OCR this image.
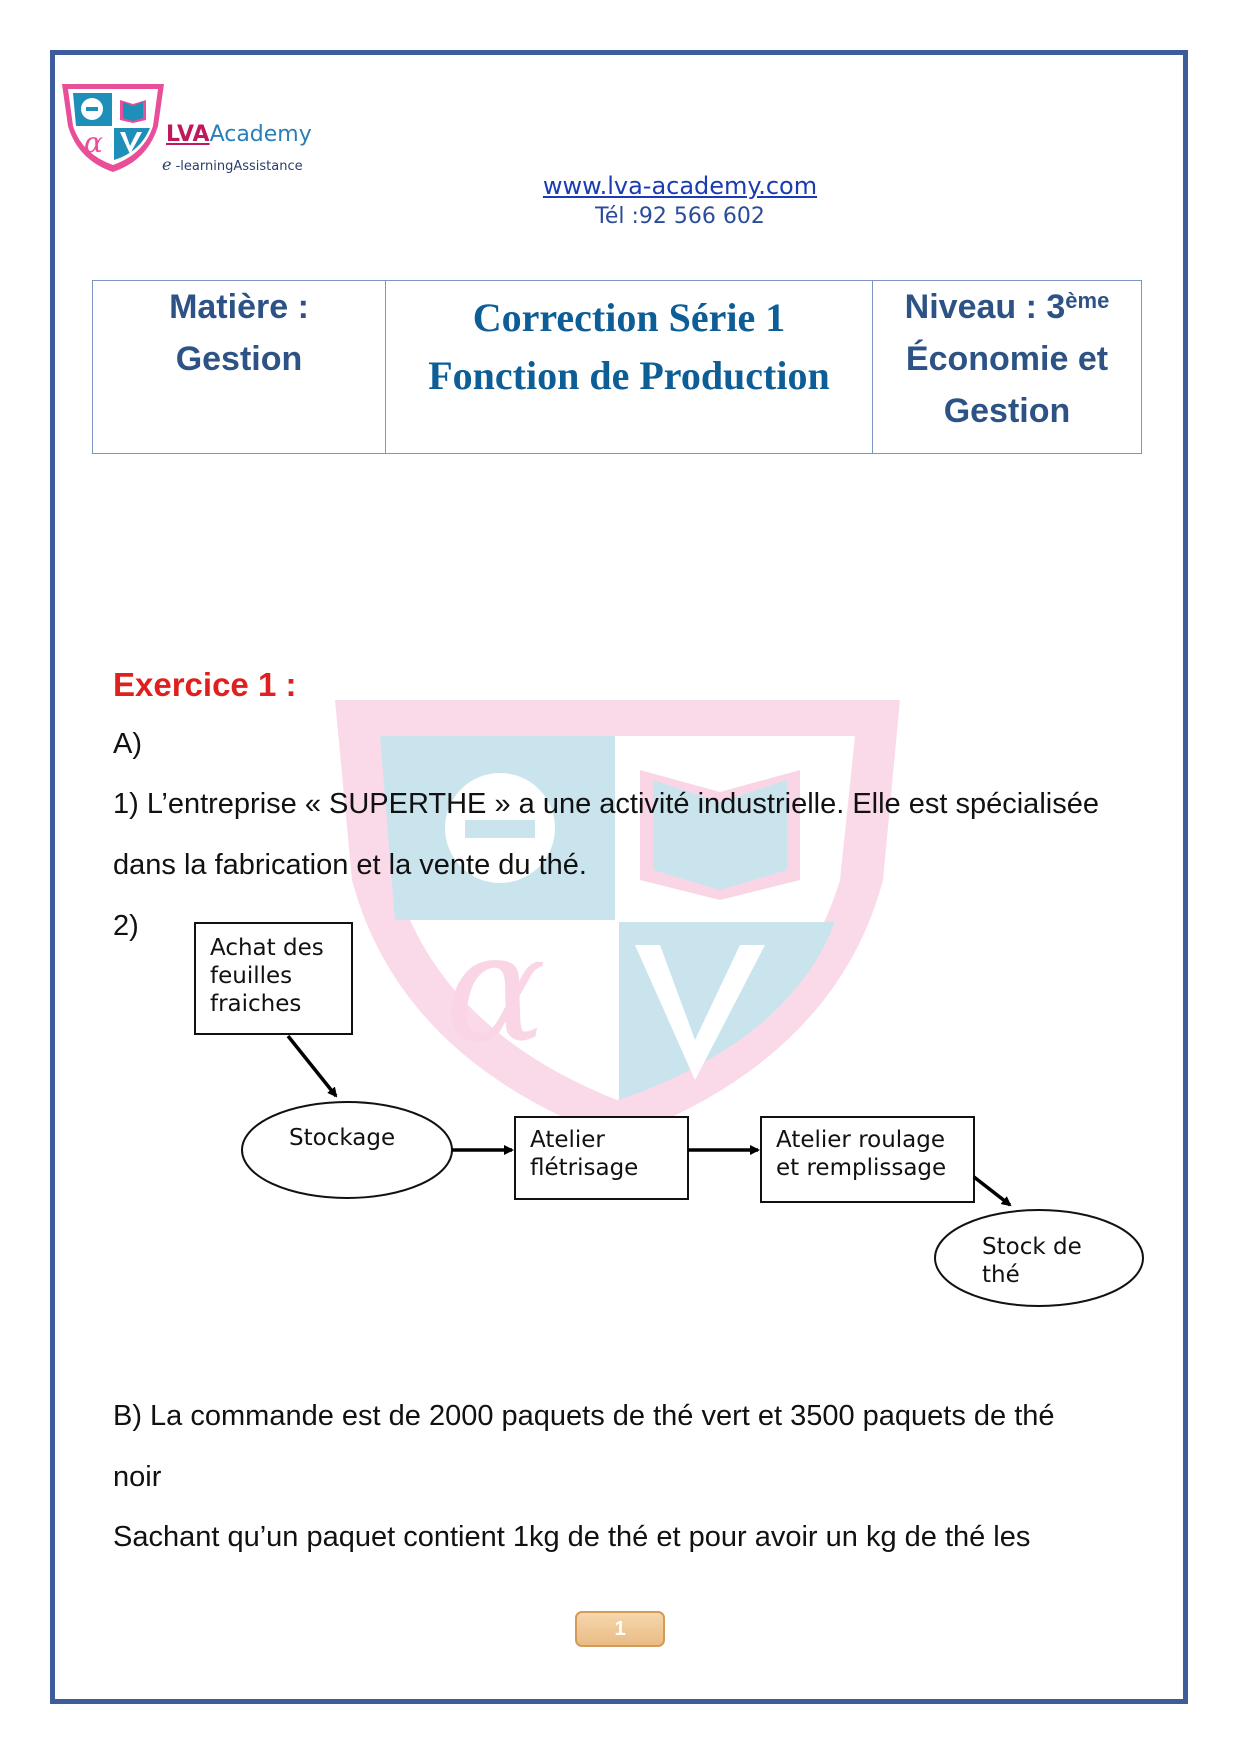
α	LVAAcademy
e -learningAssistance
www.lva-academy.com
Tél :92 566 602
Matière :
Gestion

Correction Série 1
Fonction de Production

Niveau : 3ème
Économie et
Gestion
α
Exercice 1 :
A)
1) L’entreprise « SUPERTHE » a une activité industrielle. Elle est spécialisée
dans la fabrication et la vente du thé.
2)
Achat des
feuilles
fraiches
Stockage	Atelier
flétrisage
Atelier roulage
et remplissage
Stock de
thé
B) La commande est de 2000 paquets de thé vert et 3500 paquets de thé
noir
Sachant qu’un paquet contient 1kg de thé et pour avoir un kg de thé les
1
